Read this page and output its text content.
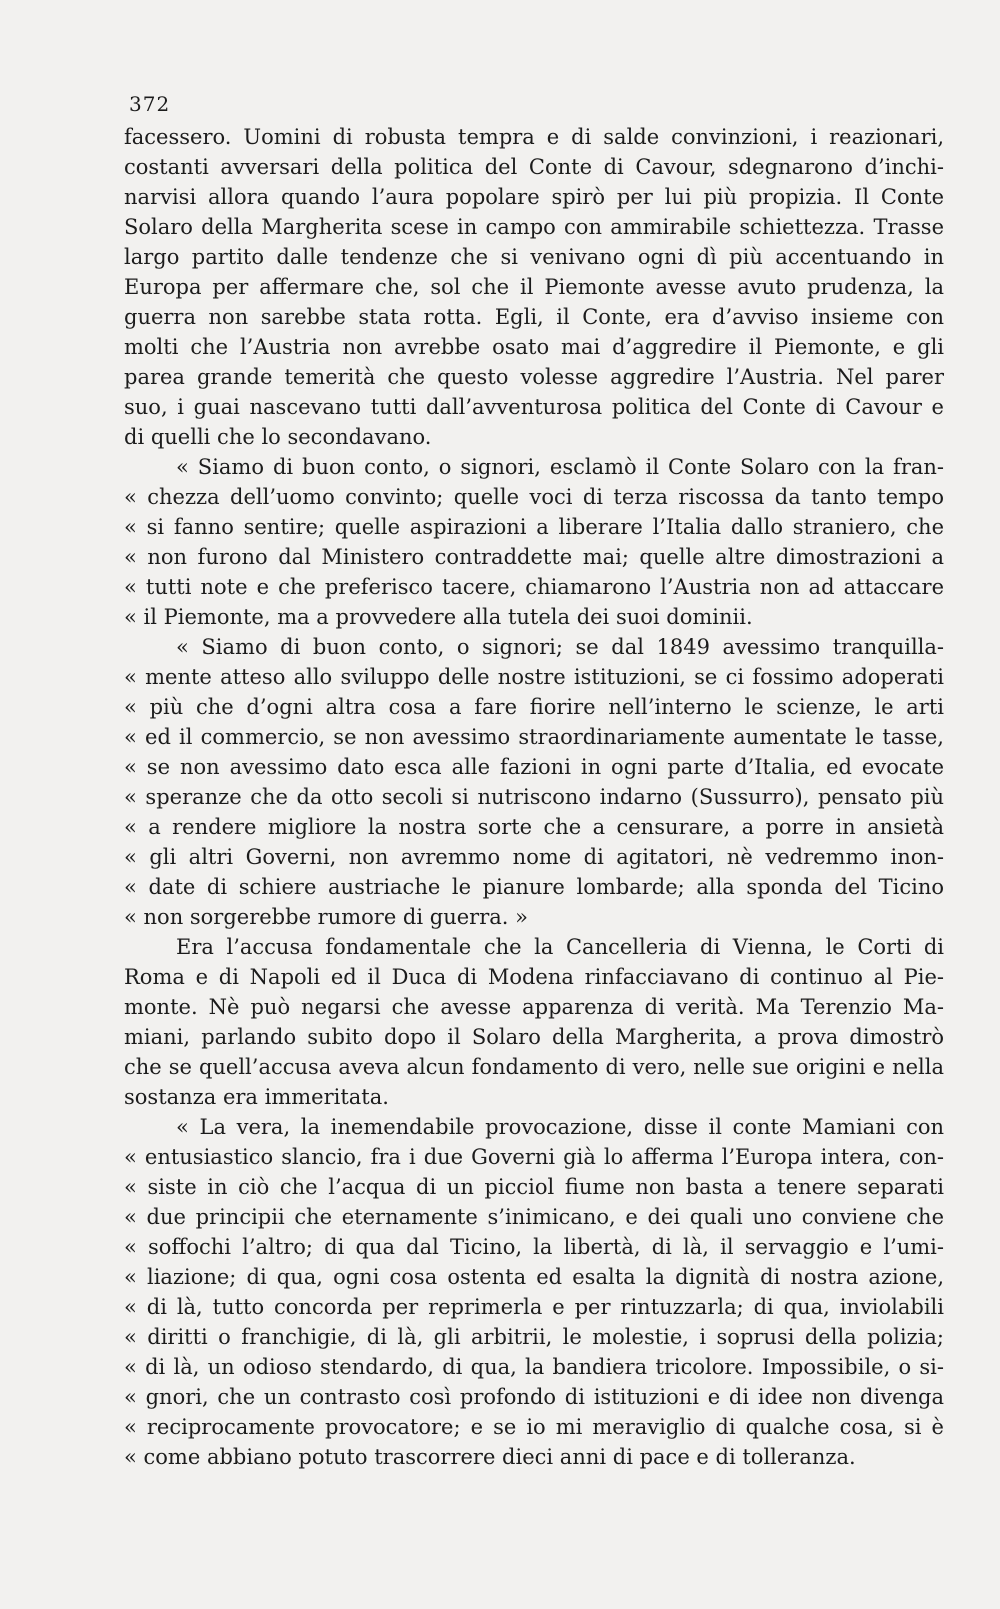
372
facessero. Uomini di robusta tempra e di salde convinzioni, i reazionari,
costanti avversari della politica del Conte di Cavour, sdegnarono d’inchi-
narvisi allora quando l’aura popolare spirò per lui più propizia. Il Conte
Solaro della Margherita scese in campo con ammirabile schiettezza. Trasse
largo partito dalle tendenze che si venivano ogni dì più accentuando in
Europa per affermare che, sol che il Piemonte avesse avuto prudenza, la
guerra non sarebbe stata rotta. Egli, il Conte, era d’avviso insieme con
molti che l’Austria non avrebbe osato mai d’aggredire il Piemonte, e gli
parea grande temerità che questo volesse aggredire l’Austria. Nel parer
suo, i guai nascevano tutti dall’avventurosa politica del Conte di Cavour e
di quelli che lo secondavano.
« Siamo di buon conto, o signori, esclamò il Conte Solaro con la fran-
« chezza dell’uomo convinto; quelle voci di terza riscossa da tanto tempo
« si fanno sentire; quelle aspirazioni a liberare l’Italia dallo straniero, che
« non furono dal Ministero contraddette mai; quelle altre dimostrazioni a
« tutti note e che preferisco tacere, chiamarono l’Austria non ad attaccare
« il Piemonte, ma a provvedere alla tutela dei suoi dominii.
« Siamo di buon conto, o signori; se dal 1849 avessimo tranquilla-
« mente atteso allo sviluppo delle nostre istituzioni, se ci fossimo adoperati
« più che d’ogni altra cosa a fare fiorire nell’interno le scienze, le arti
« ed il commercio, se non avessimo straordinariamente aumentate le tasse,
« se non avessimo dato esca alle fazioni in ogni parte d’Italia, ed evocate
« speranze che da otto secoli si nutriscono indarno (Sussurro), pensato più
« a rendere migliore la nostra sorte che a censurare, a porre in ansietà
« gli altri Governi, non avremmo nome di agitatori, nè vedremmo inon-
« date di schiere austriache le pianure lombarde; alla sponda del Ticino
« non sorgerebbe rumore di guerra. »
Era l’accusa fondamentale che la Cancelleria di Vienna, le Corti di
Roma e di Napoli ed il Duca di Modena rinfacciavano di continuo al Pie-
monte. Nè può negarsi che avesse apparenza di verità. Ma Terenzio Ma-
miani, parlando subito dopo il Solaro della Margherita, a prova dimostrò
che se quell’accusa aveva alcun fondamento di vero, nelle sue origini e nella
sostanza era immeritata.
« La vera, la inemendabile provocazione, disse il conte Mamiani con
« entusiastico slancio, fra i due Governi già lo afferma l’Europa intera, con-
« siste in ciò che l’acqua di un picciol fiume non basta a tenere separati
« due principii che eternamente s’inimicano, e dei quali uno conviene che
« soffochi l’altro; di qua dal Ticino, la libertà, di là, il servaggio e l’umi-
« liazione; di qua, ogni cosa ostenta ed esalta la dignità di nostra azione,
« di là, tutto concorda per reprimerla e per rintuzzarla; di qua, inviolabili
« diritti o franchigie, di là, gli arbitrii, le molestie, i soprusi della polizia;
« di là, un odioso stendardo, di qua, la bandiera tricolore. Impossibile, o si-
« gnori, che un contrasto così profondo di istituzioni e di idee non divenga
« reciprocamente provocatore; e se io mi meraviglio di qualche cosa, si è
« come abbiano potuto trascorrere dieci anni di pace e di tolleranza.
